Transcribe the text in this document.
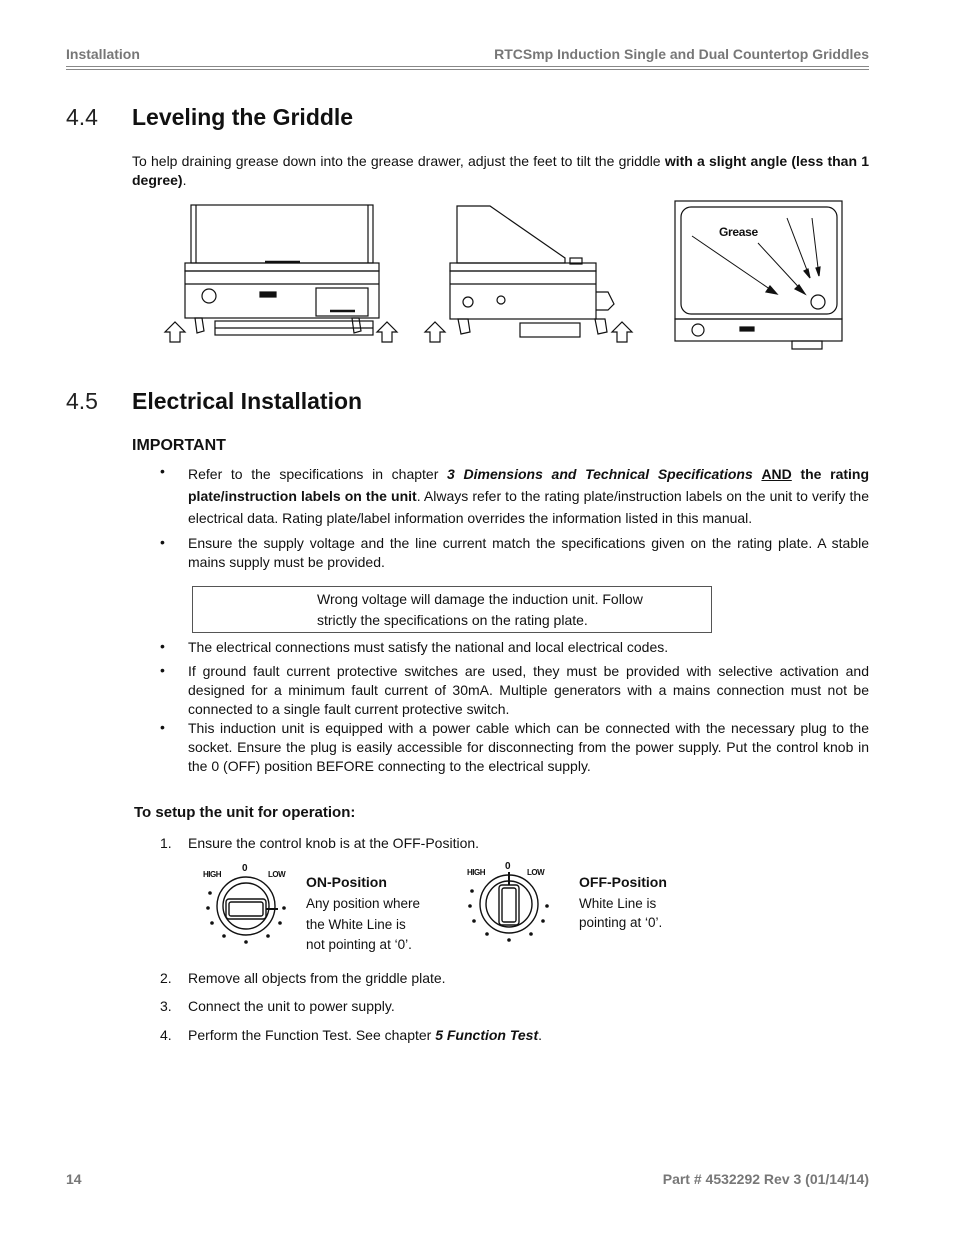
Installation	RTCSmp Induction Single and Dual Countertop Griddles
4.4 Leveling the Griddle
To help draining grease down into the grease drawer, adjust the feet to tilt the griddle with a slight angle (less than 1 degree).
Grease
4.5 Electrical Installation
IMPORTANT
• Refer to the specifications in chapter 3 Dimensions and Technical Specifications AND the rating plate/instruction labels on the unit. Always refer to the rating plate/instruction labels on the unit to verify the electrical data. Rating plate/label information overrides the information listed in this manual.
• Ensure the supply voltage and the line current match the specifications given on the rating plate. A stable mains supply must be provided.
Wrong voltage will damage the induction unit. Follow
strictly the specifications on the rating plate.
• The electrical connections must satisfy the national and local electrical codes.
• If ground fault current protective switches are used, they must be provided with selective activation and designed for a minimum fault current of 30mA. Multiple generators with a mains connection must not be connected to a single fault current protective switch.
• This induction unit is equipped with a power cable which can be connected with the necessary plug to the socket. Ensure the plug is easily accessible for disconnecting from the power supply. Put the control knob in the 0 (OFF) position BEFORE connecting to the electrical supply.
To setup the unit for operation:
1. Ensure the control knob is at the OFF-Position.
HIGH
0
LOW ON-Position
Any position where
the White Line is
not pointing at ‘0’.
HIGH
0
LOW
OFF-Position
White Line is
pointing at ‘0’.
2. Remove all objects from the griddle plate.
3. Connect the unit to power supply.
4. Perform the Function Test. See chapter 5 Function Test.
14	Part # 4532292 Rev 3 (01/14/14)
